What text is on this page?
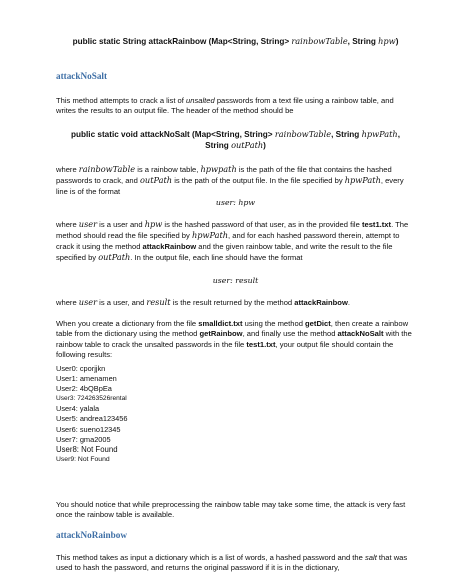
public static String attackRainbow (Map<String, String> rainbowTable, String hpw)
attackNoSalt

This method attempts to crack a list of unsalted passwords from a text file using a rainbow table, and writes the results to an output file. The header of the method should be

public static void attackNoSalt (Map<String, String> rainbowTable, String hpwPath,
String outPath)

where rainbowTable is a rainbow table, hpwpath is the path of the file that contains the hashed passwords to crack, and outPath is the path of the output file. In the file specified by hpwPath, every line is of the format

user: hpw

where user is a user and hpw is the hashed password of that user, as in the provided file test1.txt. The method should read the file specified by hpwPath, and for each hashed password therein, attempt to crack it using the method attackRainbow and the given rainbow table, and write the result to the file specified by outPath. In the output file, each line should have the format

user: result

where user is a user, and result is the result returned by the method attackRainbow.

When you create a dictionary from the file smalldict.txt using the method getDict, then create a rainbow table from the dictionary using the method getRainbow, and finally use the method attackNoSalt with the rainbow table to crack the unsalted passwords in the file test1.txt, your output file should contain the following results:

User0: cporjjkn
User1: amenamen
User2: 4bQBpEa
User3: 724263526rental
User4: yalala
User5: andrea123456
User6: sueno12345
User7: gma2005
User8: Not Found
User9: Not Found

You should notice that while preprocessing the rainbow table may take some time, the attack is very fast once the rainbow table is available.

attackNoRainbow

This method takes as input a dictionary which is a list of words, a hashed password and the salt that was used to hash the password, and returns the original password if it is in the dictionary,
